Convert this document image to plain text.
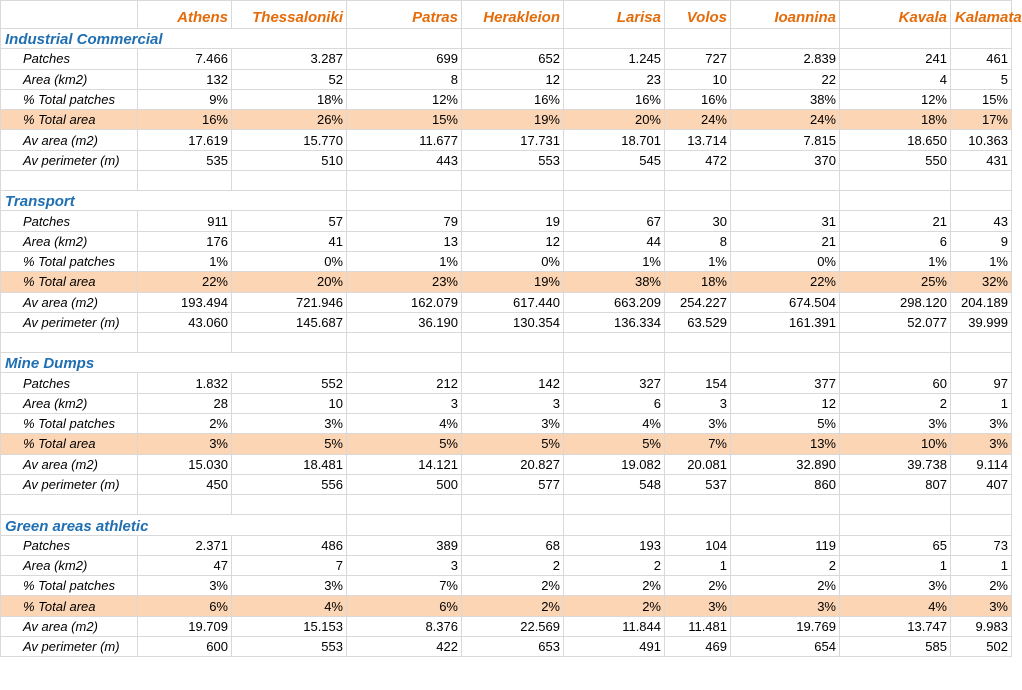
	Athens	Thessaloniki	Patras	Herakleion	Larisa	Volos	Ioannina	Kavala	Kalamata
Industrial Commercial									
Patches	7.466	3.287	699	652	1.245	727	2.839	241	461
Area (km2)	132	52	8	12	23	10	22	4	5
% Total patches	9%	18%	12%	16%	16%	16%	38%	12%	15%
% Total area	16%	26%	15%	19%	20%	24%	24%	18%	17%
Av area (m2)	17.619	15.770	11.677	17.731	18.701	13.714	7.815	18.650	10.363
Av perimeter (m)	535	510	443	553	545	472	370	550	431

Transport									
Patches	911	57	79	19	67	30	31	21	43
Area (km2)	176	41	13	12	44	8	21	6	9
% Total patches	1%	0%	1%	0%	1%	1%	0%	1%	1%
% Total area	22%	20%	23%	19%	38%	18%	22%	25%	32%
Av area (m2)	193.494	721.946	162.079	617.440	663.209	254.227	674.504	298.120	204.189
Av perimeter (m)	43.060	145.687	36.190	130.354	136.334	63.529	161.391	52.077	39.999

Mine Dumps									
Patches	1.832	552	212	142	327	154	377	60	97
Area (km2)	28	10	3	3	6	3	12	2	1
% Total patches	2%	3%	4%	3%	4%	3%	5%	3%	3%
% Total area	3%	5%	5%	5%	5%	7%	13%	10%	3%
Av area (m2)	15.030	18.481	14.121	20.827	19.082	20.081	32.890	39.738	9.114
Av perimeter (m)	450	556	500	577	548	537	860	807	407

Green areas athletic									
Patches	2.371	486	389	68	193	104	119	65	73
Area (km2)	47	7	3	2	2	1	2	1	1
% Total patches	3%	3%	7%	2%	2%	2%	2%	3%	2%
% Total area	6%	4%	6%	2%	2%	3%	3%	4%	3%
Av area (m2)	19.709	15.153	8.376	22.569	11.844	11.481	19.769	13.747	9.983
Av perimeter (m)	600	553	422	653	491	469	654	585	502
